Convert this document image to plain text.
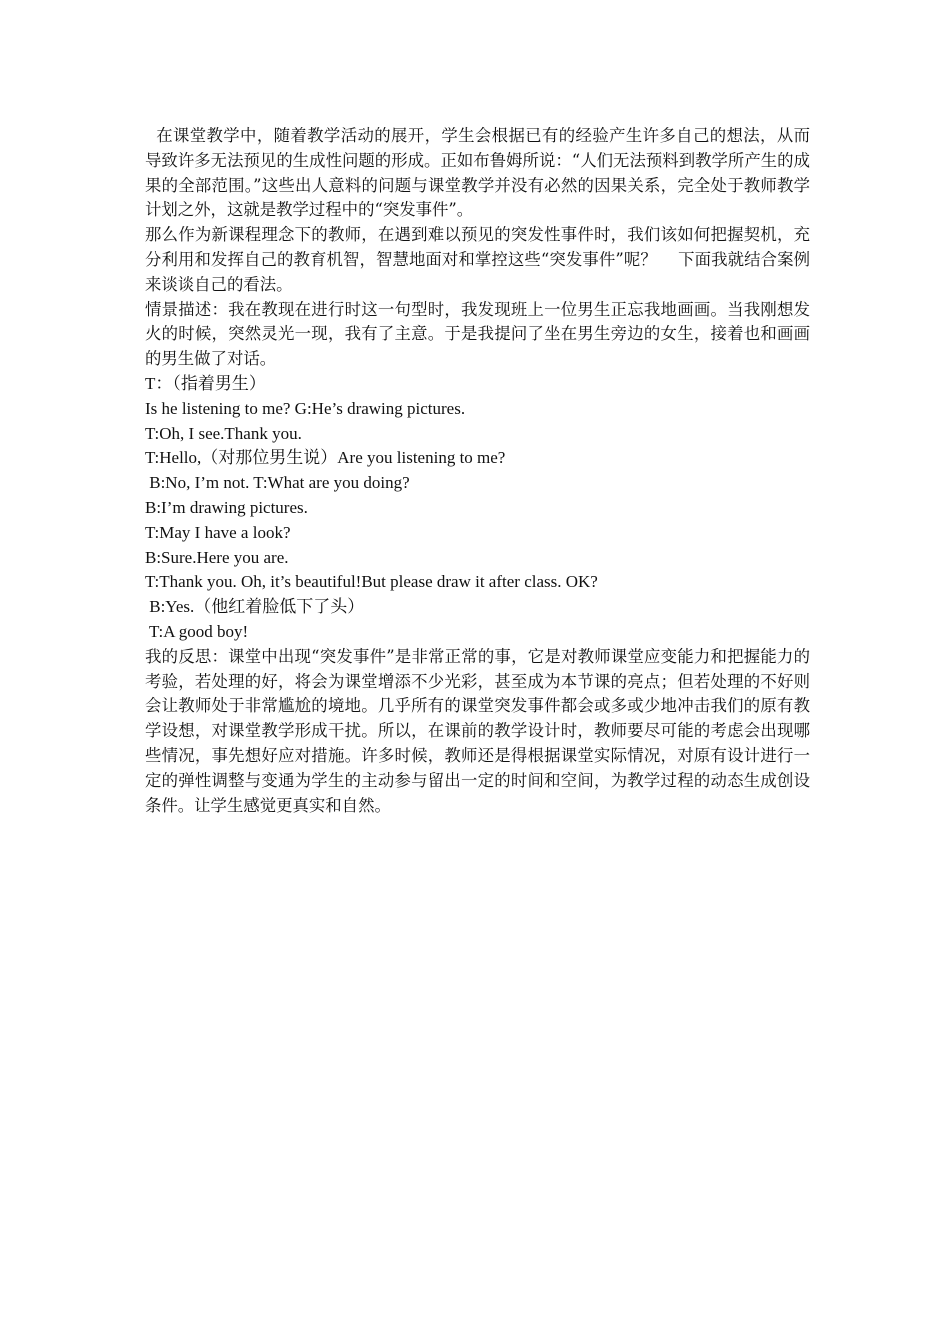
在课堂教学中，随着教学活动的展开，学生会根据已有的经验产生许多自己的想法，从而导致许多无法预见的生成性问题的形成。正如布鲁姆所说：“人们无法预料到教学所产生的成果的全部范围。”这些出人意料的问题与课堂教学并没有必然的因果关系，完全处于教师教学计划之外，这就是教学过程中的“突发事件”。

那么作为新课程理念下的教师，在遇到难以预见的突发性事件时，我们该如何把握契机，充分利用和发挥自己的教育机智，智慧地面对和掌控这些“突发事件”呢？    下面我就结合案例来谈谈自己的看法。

情景描述：我在教现在进行时这一句型时，我发现班上一位男生正忘我地画画。当我刚想发火的时候，突然灵光一现，我有了主意。于是我提问了坐在男生旁边的女生，接着也和画画的男生做了对话。

T：（指着男生）

Is he listening to me? G:He’s drawing pictures.

T:Oh, I see.Thank you.

T:Hello,（对那位男生说）Are you listening to me?

B:No, I’m not. T:What are you doing?

B:I’m drawing pictures.

T:May I have a look?

B:Sure.Here you are.

T:Thank you. Oh, it’s beautiful!But please draw it after class. OK?

B:Yes.（他红着脸低下了头）

T:A good boy!

我的反思：课堂中出现“突发事件”是非常正常的事，它是对教师课堂应变能力和把握能力的考验，若处理的好，将会为课堂增添不少光彩，甚至成为本节课的亮点；但若处理的不好则会让教师处于非常尴尬的境地。几乎所有的课堂突发事件都会或多或少地冲击我们的原有教学设想，对课堂教学形成干扰。所以，在课前的教学设计时，教师要尽可能的考虑会出现哪些情况，事先想好应对措施。许多时候，教师还是得根据课堂实际情况，对原有设计进行一定的弹性调整与变通为学生的主动参与留出一定的时间和空间，为教学过程的动态生成创设条件。让学生感觉更真实和自然。
